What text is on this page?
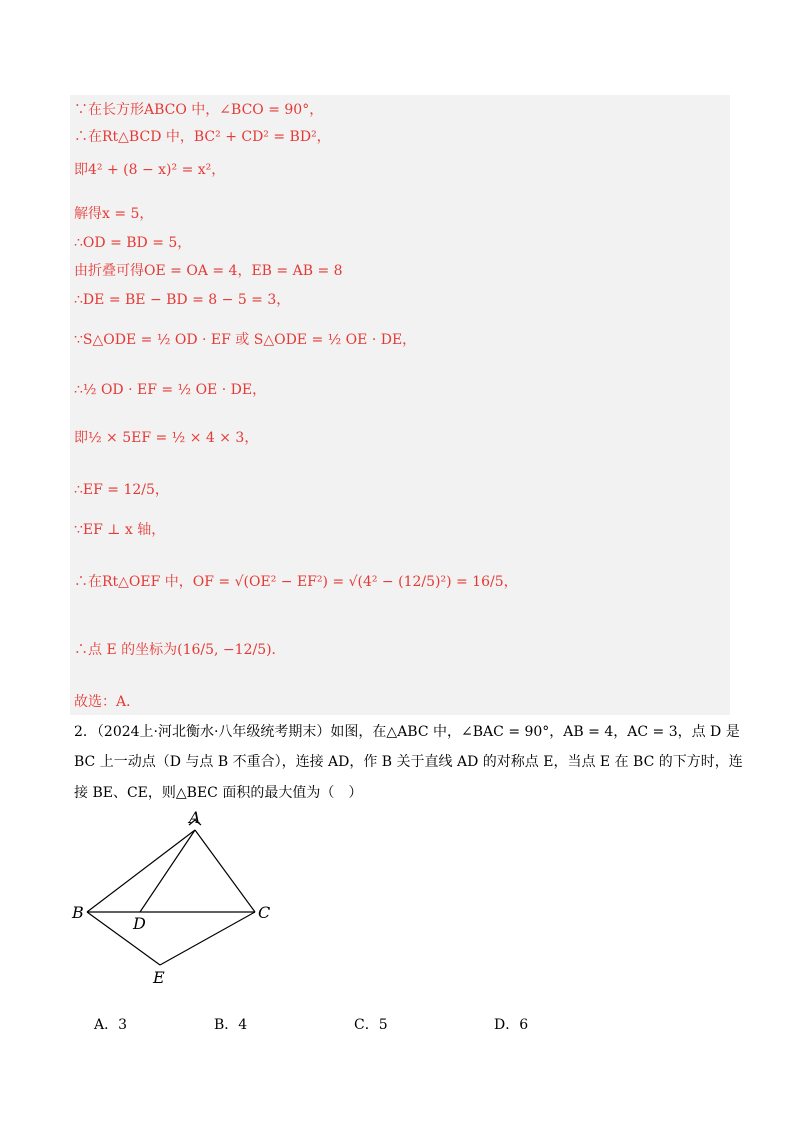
∵在长方形ABCO 中，∠BCO = 90°，
∴在Rt△BCD 中，BC² + CD² = BD²，
即4² + (8 − x)² = x²，
解得x = 5，
∴OD = BD = 5，
由折叠可得OE = OA = 4，EB = AB = 8
∴DE = BE − BD = 8 − 5 = 3，
∵S△ODE = ½ OD · EF 或 S△ODE = ½ OE · DE，
∴½ OD · EF = ½ OE · DE，
即½ × 5EF = ½ × 4 × 3，
∴EF = 12/5，
∵EF ⊥ x 轴，
∴在Rt△OEF 中，OF = √(OE² − EF²) = √(4² − (12/5)²) = 16/5，
∴点 E 的坐标为(16/5, −12/5)．
故选：A．
2．（2024上·河北衡水·八年级统考期末）如图，在△ABC 中，∠BAC = 90°，AB = 4，AC = 3，点 D 是
BC 上一动点（D 与点 B 不重合），连接 AD，作 B 关于直线 AD 的对称点 E，当点 E 在 BC 的下方时，连
接 BE、CE，则△BEC 面积的最大值为（　）
A
B	C
D
E
A．3	B．4	C．5	D．6
